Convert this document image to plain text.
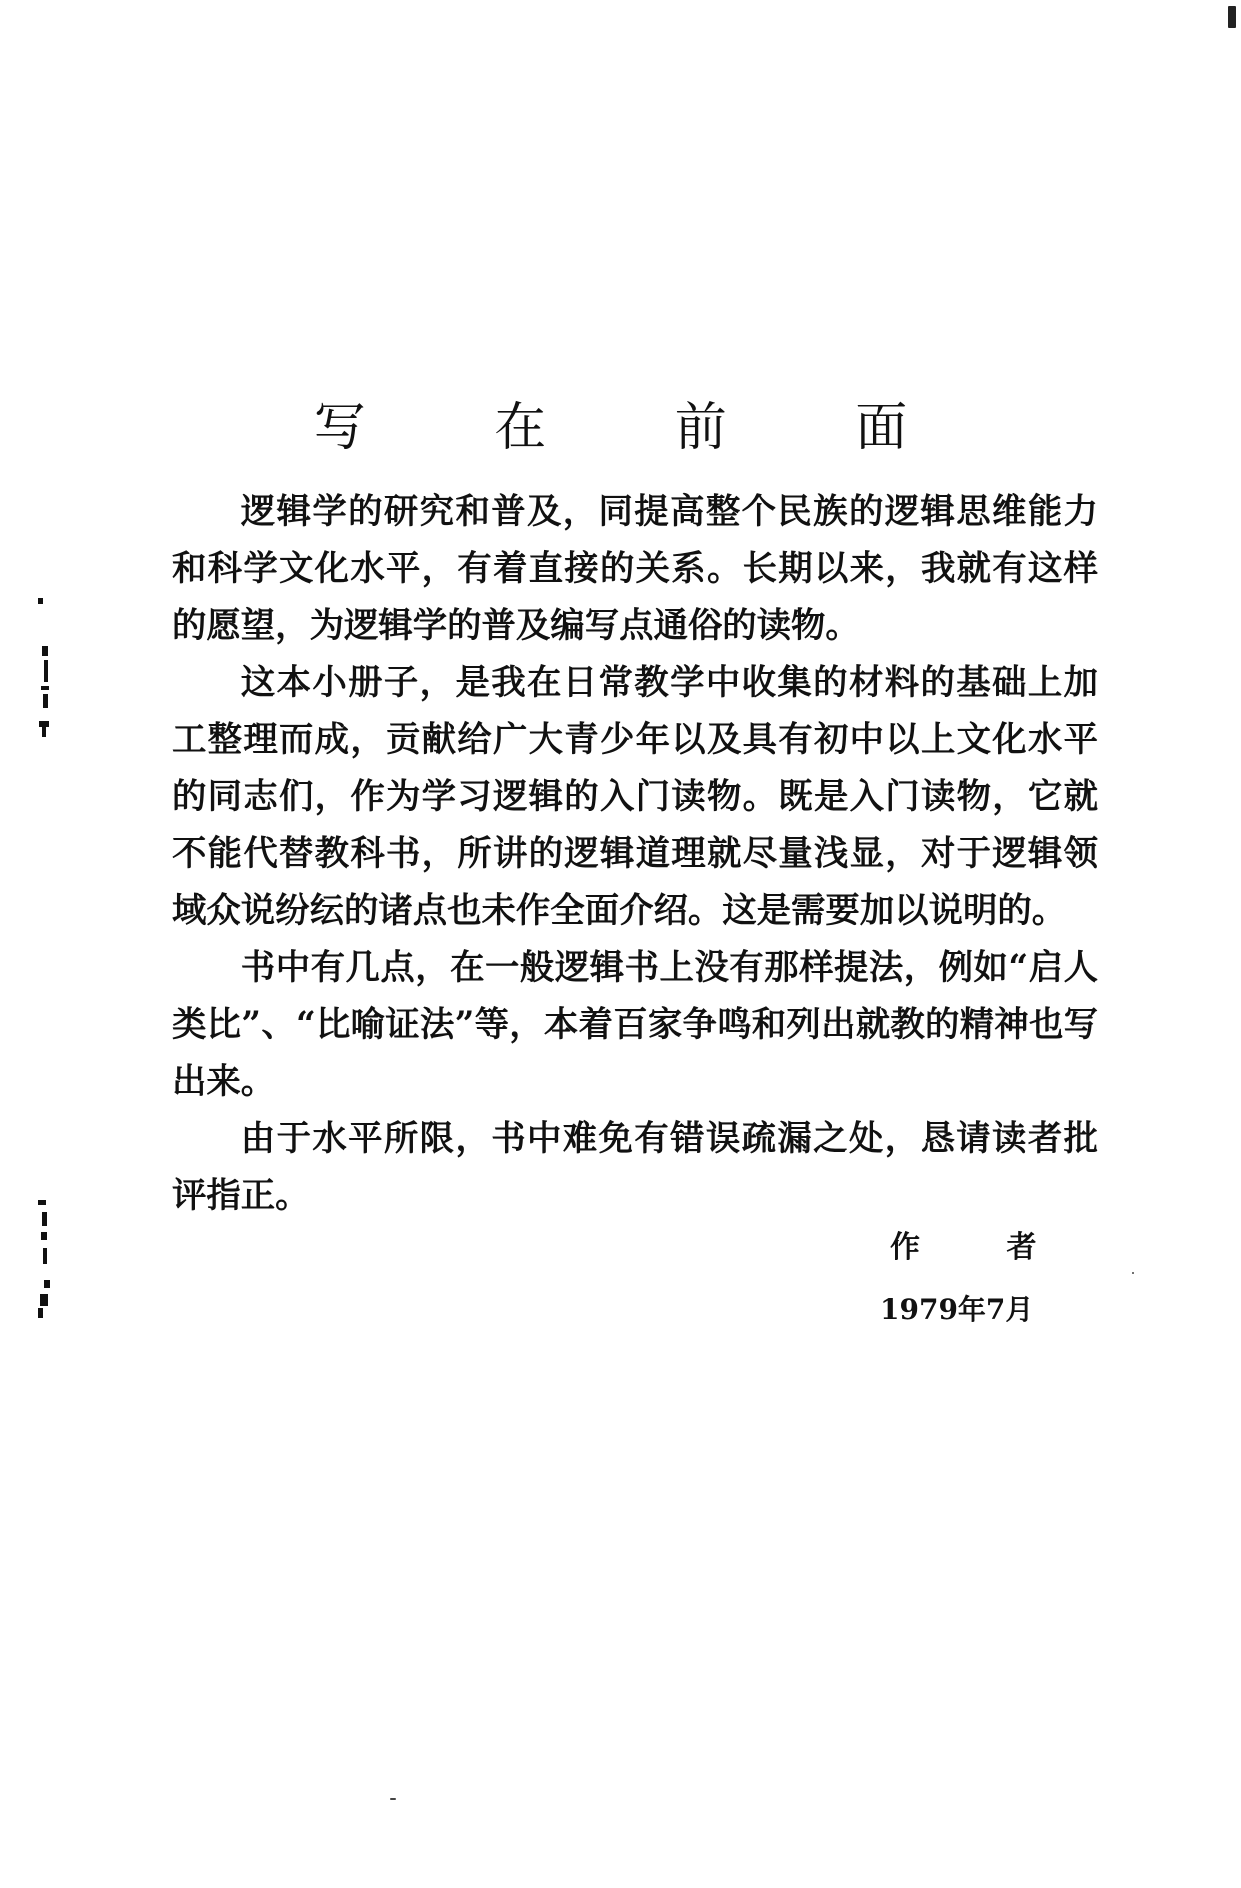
写 在 前 面

逻辑学的研究和普及，同提高整个民族的逻辑思维能力和科学文化水平，有着直接的关系。长期以来，我就有这样的愿望，为逻辑学的普及编写点通俗的读物。

这本小册子，是我在日常教学中收集的材料的基础上加工整理而成，贡献给广大青少年以及具有初中以上文化水平的同志们，作为学习逻辑的入门读物。既是入门读物，它就不能代替教科书，所讲的逻辑道理就尽量浅显，对于逻辑领域众说纷纭的诸点也未作全面介绍。这是需要加以说明的。

书中有几点，在一般逻辑书上没有那样提法，例如“启人类比”、“比喻证法”等，本着百家争鸣和列出就教的精神也写出来。

由于水平所限，书中难免有错误疏漏之处，恳请读者批评指正。

作 者
1979年7月
